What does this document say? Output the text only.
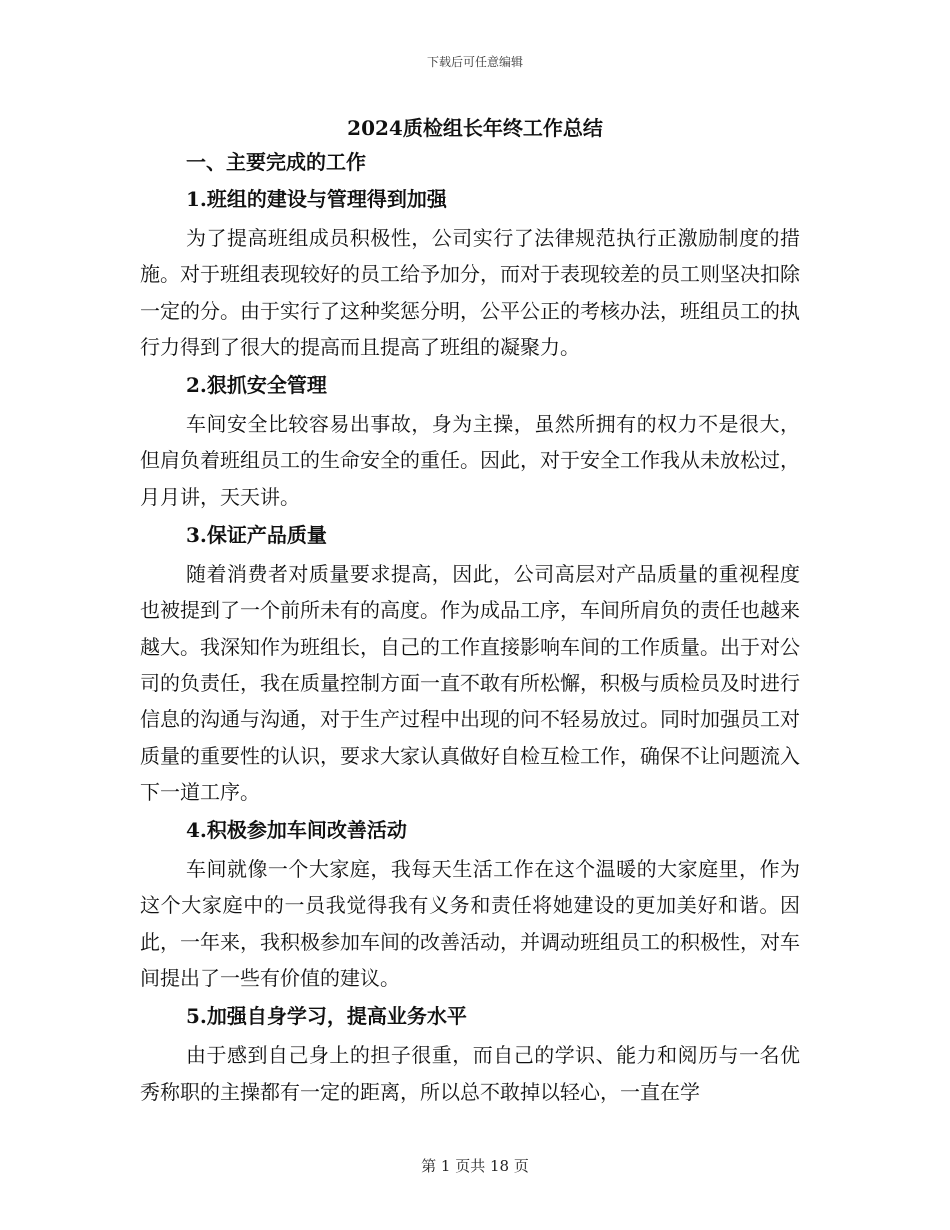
下载后可任意编辑
2024质检组长年终工作总结
一、主要完成的工作
1.班组的建设与管理得到加强

为了提高班组成员积极性，公司实行了法律规范执行正激励制度的措施。对于班组表现较好的员工给予加分，而对于表现较差的员工则坚决扣除一定的分。由于实行了这种奖惩分明，公平公正的考核办法，班组员工的执行力得到了很大的提高而且提高了班组的凝聚力。

2.狠抓安全管理

车间安全比较容易出事故，身为主操，虽然所拥有的权力不是很大，但肩负着班组员工的生命安全的重任。因此，对于安全工作我从未放松过，月月讲，天天讲。

3.保证产品质量

随着消费者对质量要求提高，因此，公司高层对产品质量的重视程度也被提到了一个前所未有的高度。作为成品工序，车间所肩负的责任也越来越大。我深知作为班组长，自己的工作直接影响车间的工作质量。出于对公司的负责任，我在质量控制方面一直不敢有所松懈，积极与质检员及时进行信息的沟通与沟通，对于生产过程中出现的问不轻易放过。同时加强员工对质量的重要性的认识，要求大家认真做好自检互检工作，确保不让问题流入下一道工序。

4.积极参加车间改善活动

车间就像一个大家庭，我每天生活工作在这个温暖的大家庭里，作为这个大家庭中的一员我觉得我有义务和责任将她建设的更加美好和谐。因此，一年来，我积极参加车间的改善活动，并调动班组员工的积极性，对车间提出了一些有价值的建议。

5.加强自身学习，提高业务水平

由于感到自己身上的担子很重，而自己的学识、能力和阅历与一名优秀称职的主操都有一定的距离，所以总不敢掉以轻心，一直在学

第 1 页共 18 页
